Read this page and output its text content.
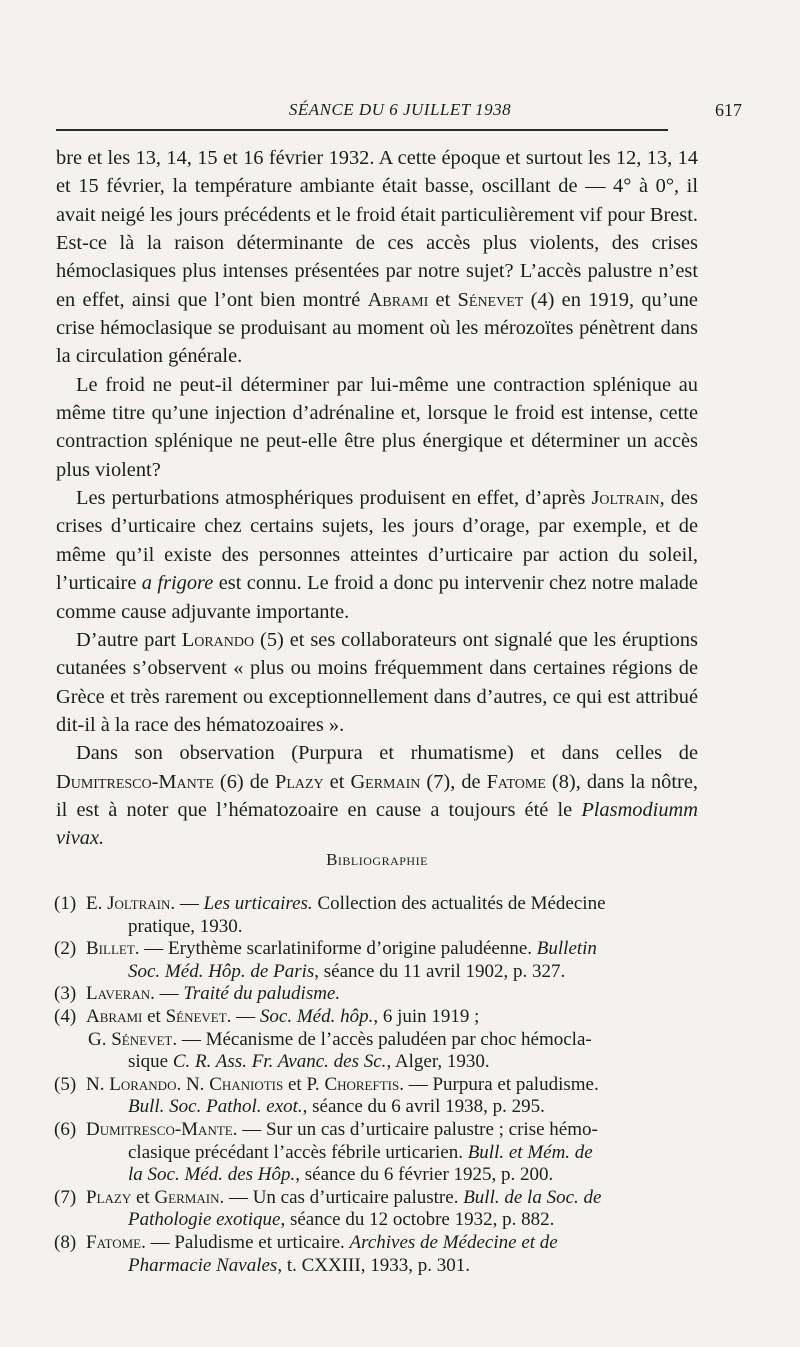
SÉANCE DU 6 JUILLET 1938	617

bre et les 13, 14, 15 et 16 février 1932. A cette époque et surtout les 12, 13, 14 et 15 février, la température ambiante était basse, oscillant de — 4° à 0°, il avait neigé les jours précédents et le froid était particulièrement vif pour Brest. Est-ce là la raison déterminante de ces accès plus violents, des crises hémoclasiques plus intenses présentées par notre sujet? L’accès palustre n’est en effet, ainsi que l’ont bien montré Abrami et Sénevet (4) en 1919, qu’une crise hémoclasique se produisant au moment où les mérozoïtes pénètrent dans la circulation générale.

Le froid ne peut-il déterminer par lui-même une contraction splénique au même titre qu’une injection d’adrénaline et, lorsque le froid est intense, cette contraction splénique ne peut-elle être plus énergique et déterminer un accès plus violent?

Les perturbations atmosphériques produisent en effet, d’après Joltrain, des crises d’urticaire chez certains sujets, les jours d’orage, par exemple, et de même qu’il existe des personnes atteintes d’urticaire par action du soleil, l’urticaire a frigore est connu. Le froid a donc pu intervenir chez notre malade comme cause adjuvante importante.

D’autre part Lorando (5) et ses collaborateurs ont signalé que les éruptions cutanées s’observent « plus ou moins fréquemment dans certaines régions de Grèce et très rarement ou exceptionnellement dans d’autres, ce qui est attribué dit-il à la race des hématozoaires ».

Dans son observation (Purpura et rhumatisme) et dans celles de Dumitresco-Mante (6) de Plazy et Germain (7), de Fatome (8), dans la nôtre, il est à noter que l’hématozoaire en cause a toujours été le Plasmodiumm vivax.

Bibliographie
(1) E. Joltrain. — Les urticaires. Collection des actualités de Médecine
pratique, 1930.
(2) Billet. — Erythème scarlatiniforme d’origine paludéenne. Bulletin
Soc. Méd. Hôp. de Paris, séance du 11 avril 1902, p. 327.
(3) Laveran. — Traité du paludisme.
(4) Abrami et Sénevet. — Soc. Méd. hôp., 6 juin 1919 ;
G. Sénevet. — Mécanisme de l’accès paludéen par choc hémocla-
sique C. R. Ass. Fr. Avanc. des Sc., Alger, 1930.
(5) N. Lorando. N. Chaniotis et P. Choreftis. — Purpura et paludisme.
Bull. Soc. Pathol. exot., séance du 6 avril 1938, p. 295.
(6) Dumitresco-Mante. — Sur un cas d’urticaire palustre ; crise hémo-
clasique précédant l’accès fébrile urticarien. Bull. et Mém. de
la Soc. Méd. des Hôp., séance du 6 février 1925, p. 200.
(7) Plazy et Germain. — Un cas d’urticaire palustre. Bull. de la Soc. de
Pathologie exotique, séance du 12 octobre 1932, p. 882.
(8) Fatome. — Paludisme et urticaire. Archives de Médecine et de
Pharmacie Navales, t. CXXIII, 1933, p. 301.
